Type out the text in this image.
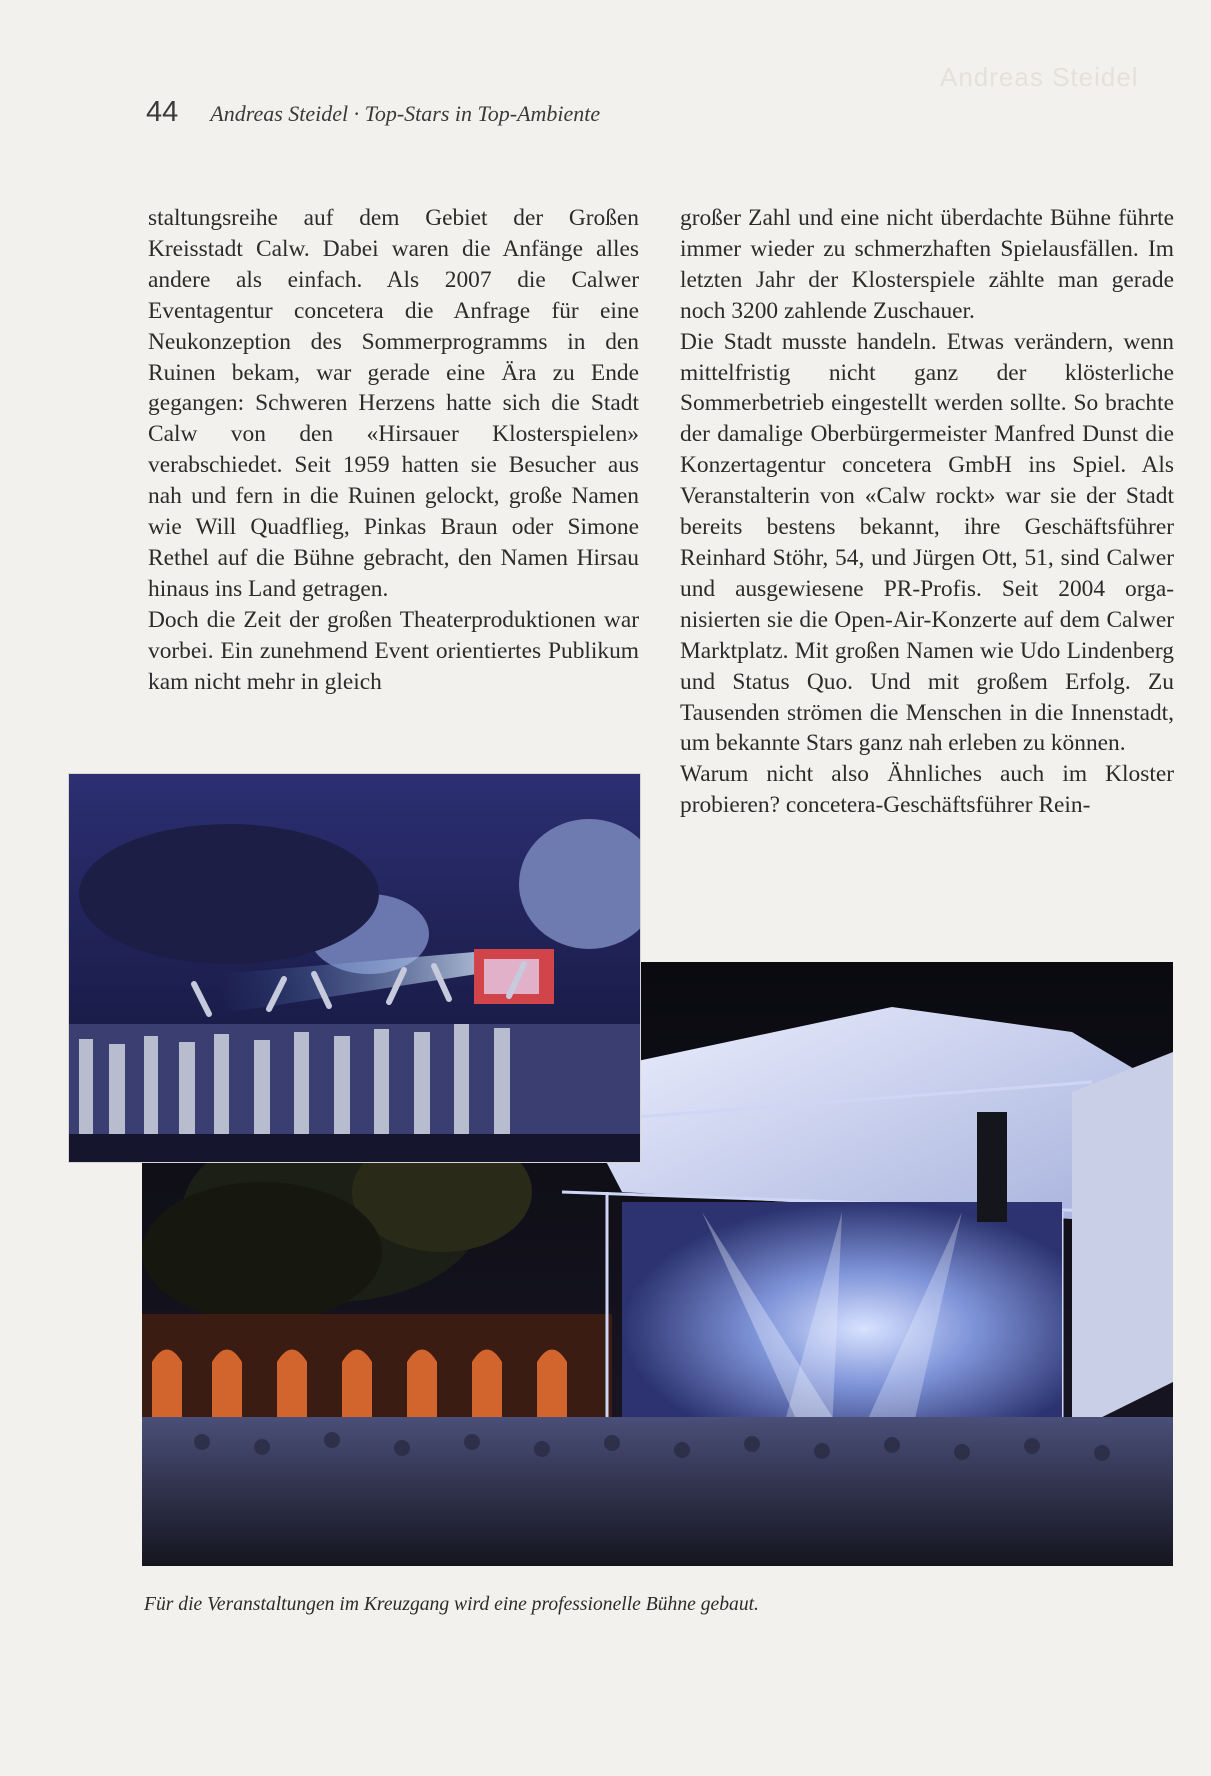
Andreas Steidel
44 Andreas Steidel · Top-Stars in Top-Ambiente

staltungsreihe auf dem Gebiet der Großen Kreisstadt Calw. Dabei waren die Anfänge alles andere als einfach. Als 2007 die Calwer Eventagentur concetera die Anfrage für eine Neukonzeption des Sommerprogramms in den Ruinen bekam, war gerade eine Ära zu Ende gegangen: Schweren Herzens hatte sich die Stadt Calw von den «Hirsauer Klosterspielen» verabschiedet. Seit 1959 hatten sie Besucher aus nah und fern in die Ruinen gelockt, große Namen wie Will Quadflieg, Pinkas Braun oder Simone Rethel auf die Bühne gebracht, den Namen Hirsau hinaus ins Land getragen.

Doch die Zeit der großen Theaterproduktionen war vorbei. Ein zunehmend Event orientiertes Publikum kam nicht mehr in gleich

großer Zahl und eine nicht überdachte Bühne führte immer wieder zu schmerzhaften Spielausfällen. Im letzten Jahr der Klosterspiele zählte man gerade noch 3200 zahlende Zuschauer.

Die Stadt musste handeln. Etwas verändern, wenn mittelfristig nicht ganz der klösterliche Sommerbetrieb eingestellt werden sollte. So brachte der damalige Oberbürgermeister Manfred Dunst die Konzertagentur concetera GmbH ins Spiel. Als Veranstalterin von «Calw rockt» war sie der Stadt bereits bestens bekannt, ihre Geschäftsführer Reinhard Stöhr, 54, und Jürgen Ott, 51, sind Calwer und ausgewiesene PR-Profis. Seit 2004 organisierten sie die Open-Air-Konzerte auf dem Calwer Marktplatz. Mit großen Namen wie Udo Lindenberg und Status Quo. Und mit großem Erfolg. Zu Tausenden strömen die Menschen in die Innenstadt, um bekannte Stars ganz nah erleben zu können.

Warum nicht also Ähnliches auch im Kloster probieren? concetera-Geschäftsführer Rein-

Für die Veranstaltungen im Kreuzgang wird eine professionelle Bühne gebaut.
